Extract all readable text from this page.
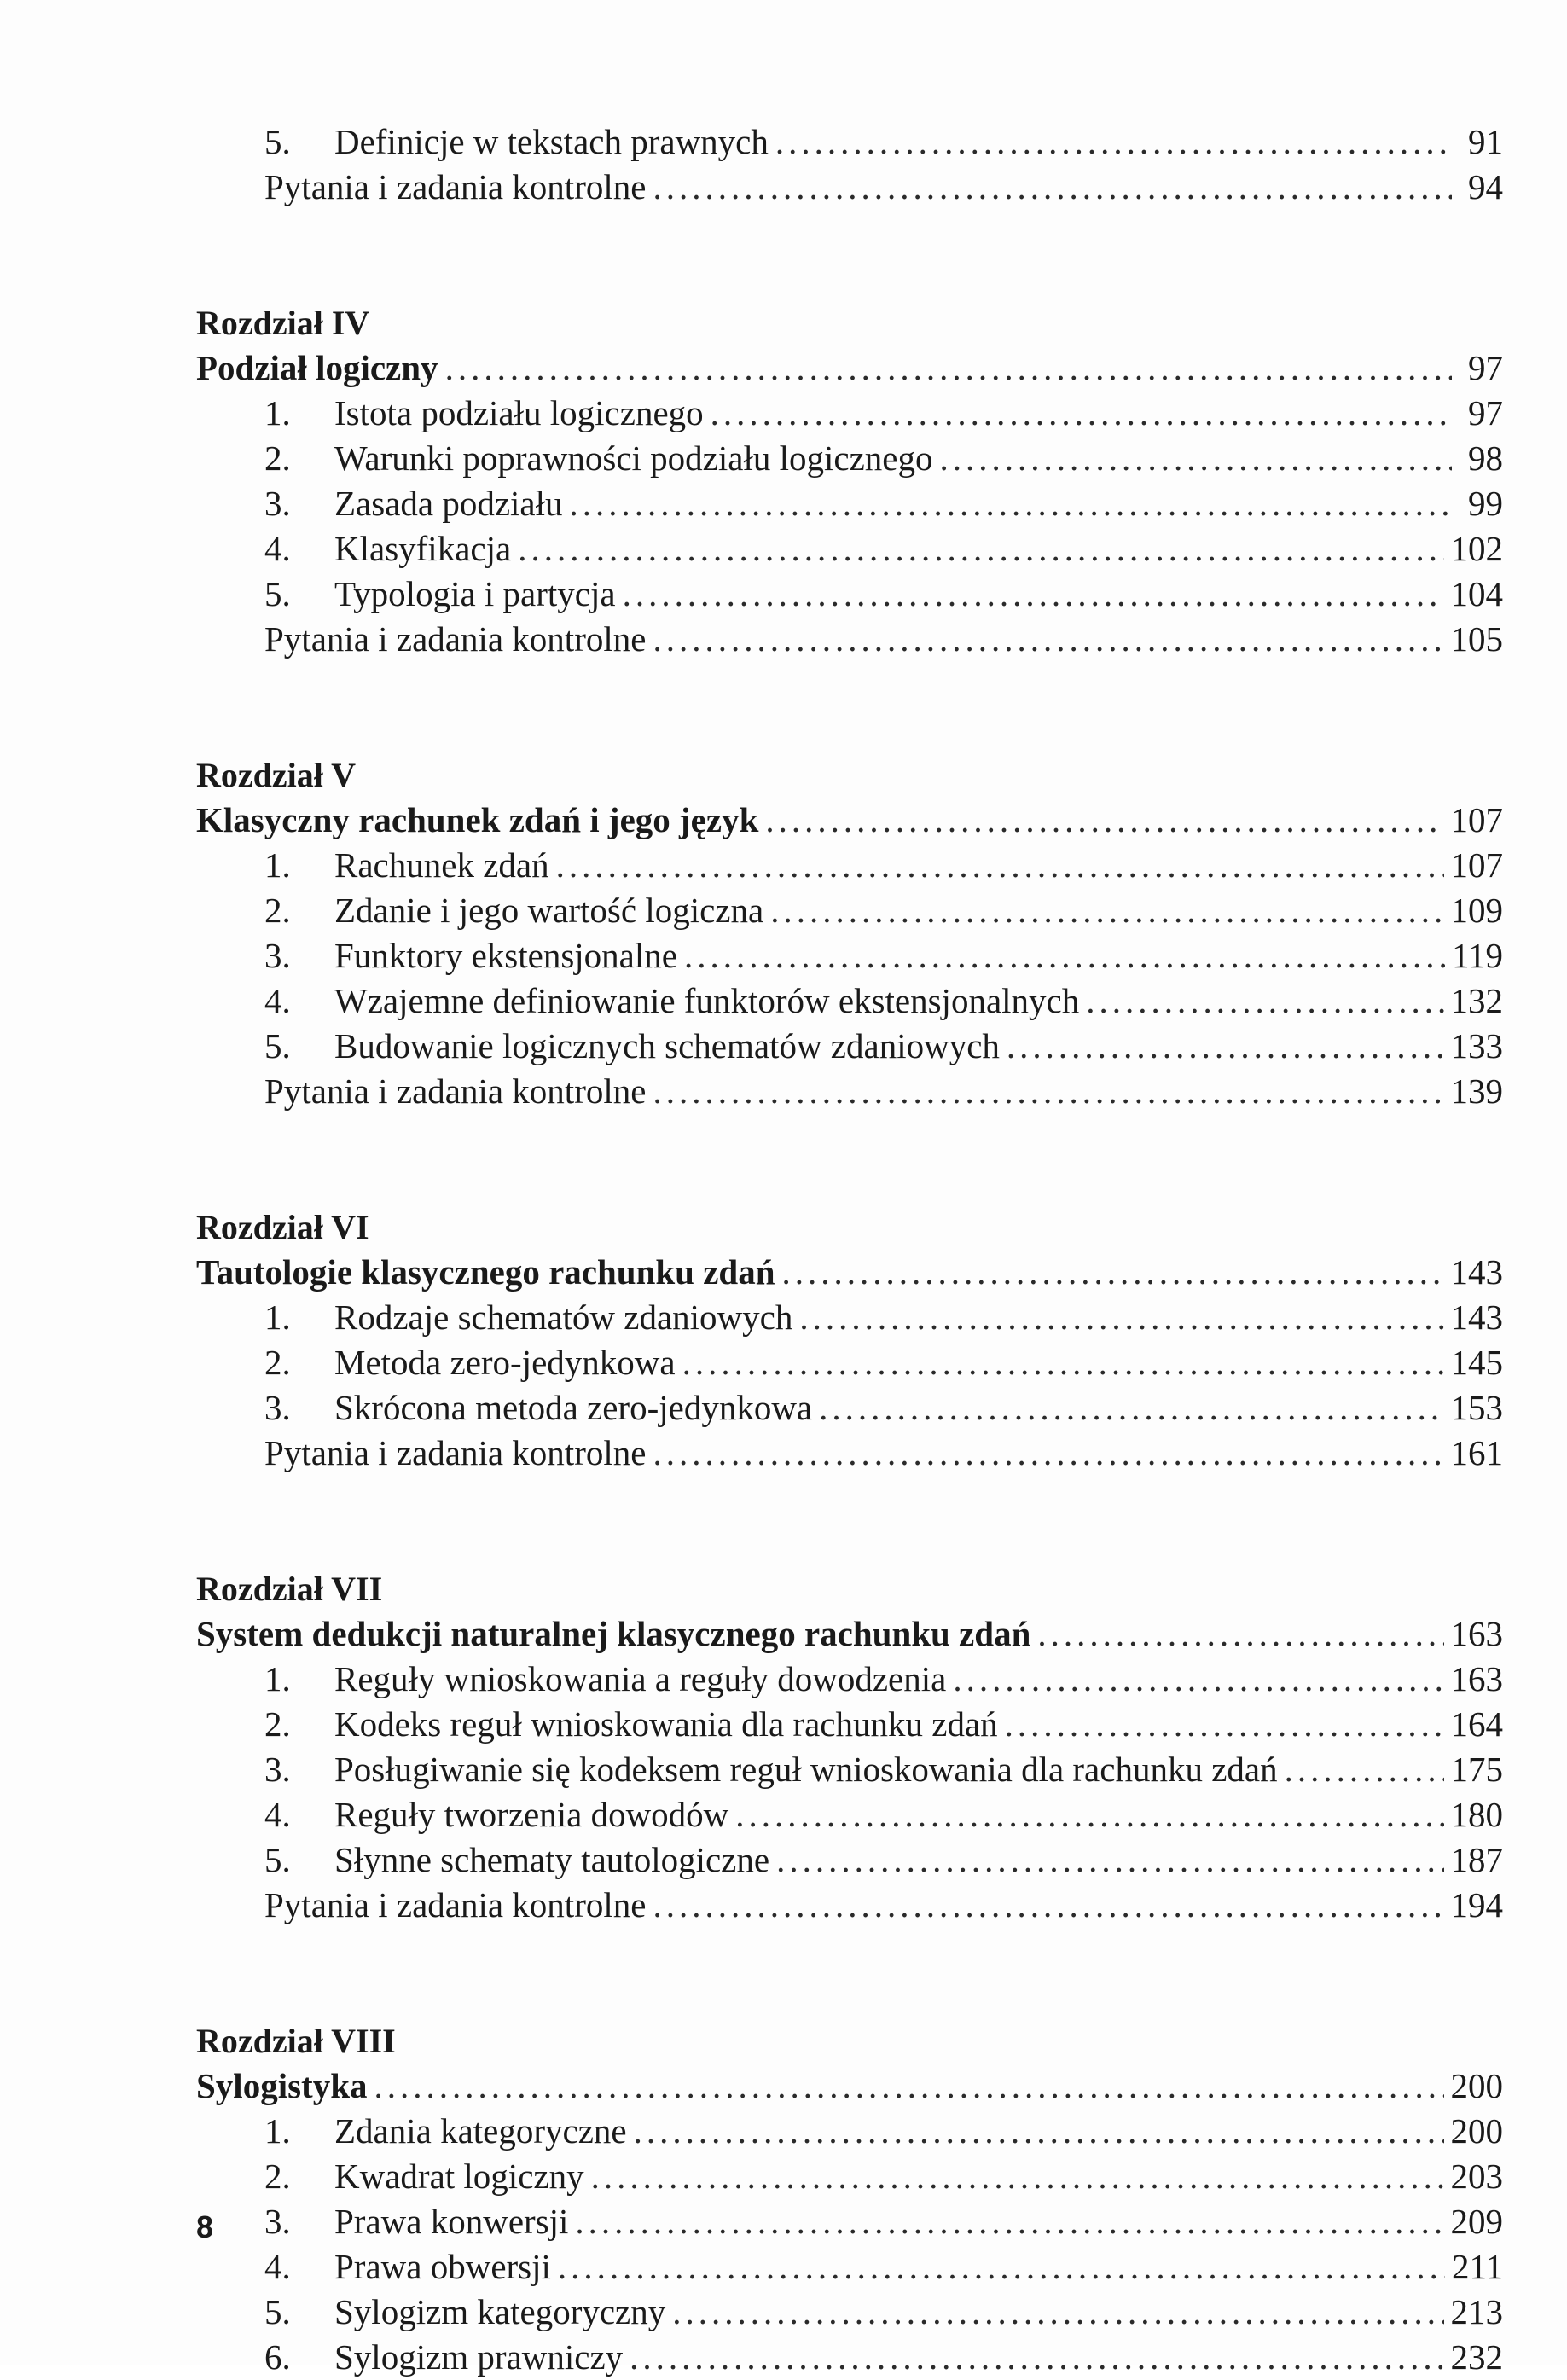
5.	Definicje w tekstach prawnych .....	91
Pytania i zadania kontrolne .....	94
Rozdział IV
Podział logiczny .....	97
1.	Istota podziału logicznego .....	97
2.	Warunki poprawności podziału logicznego .....	98
3.	Zasada podziału .....	99
4.	Klasyfikacja .....	102
5.	Typologia i partycja .....	104
Pytania i zadania kontrolne .....	105
Rozdział V
Klasyczny rachunek zdań i jego język .....	107
1.	Rachunek zdań .....	107
2.	Zdanie i jego wartość logiczna .....	109
3.	Funktory ekstensjonalne .....	119
4.	Wzajemne definiowanie funktorów ekstensjonalnych .....	132
5.	Budowanie logicznych schematów zdaniowych .....	133
Pytania i zadania kontrolne .....	139
Rozdział VI
Tautologie klasycznego rachunku zdań .....	143
1.	Rodzaje schematów zdaniowych .....	143
2.	Metoda zero-jedynkowa .....	145
3.	Skrócona metoda zero-jedynkowa .....	153
Pytania i zadania kontrolne .....	161
Rozdział VII
System dedukcji naturalnej klasycznego rachunku zdań .....	163
1.	Reguły wnioskowania a reguły dowodzenia .....	163
2.	Kodeks reguł wnioskowania dla rachunku zdań .....	164
3.	Posługiwanie się kodeksem reguł wnioskowania dla rachunku zdań .....	175
4.	Reguły tworzenia dowodów .....	180
5.	Słynne schematy tautologiczne .....	187
Pytania i zadania kontrolne .....	194
Rozdział VIII
Sylogistyka .....	200
1.	Zdania kategoryczne .....	200
2.	Kwadrat logiczny .....	203
3.	Prawa konwersji .....	209
4.	Prawa obwersji .....	211
5.	Sylogizm kategoryczny .....	213
6.	Sylogizm prawniczy .....	232
8
